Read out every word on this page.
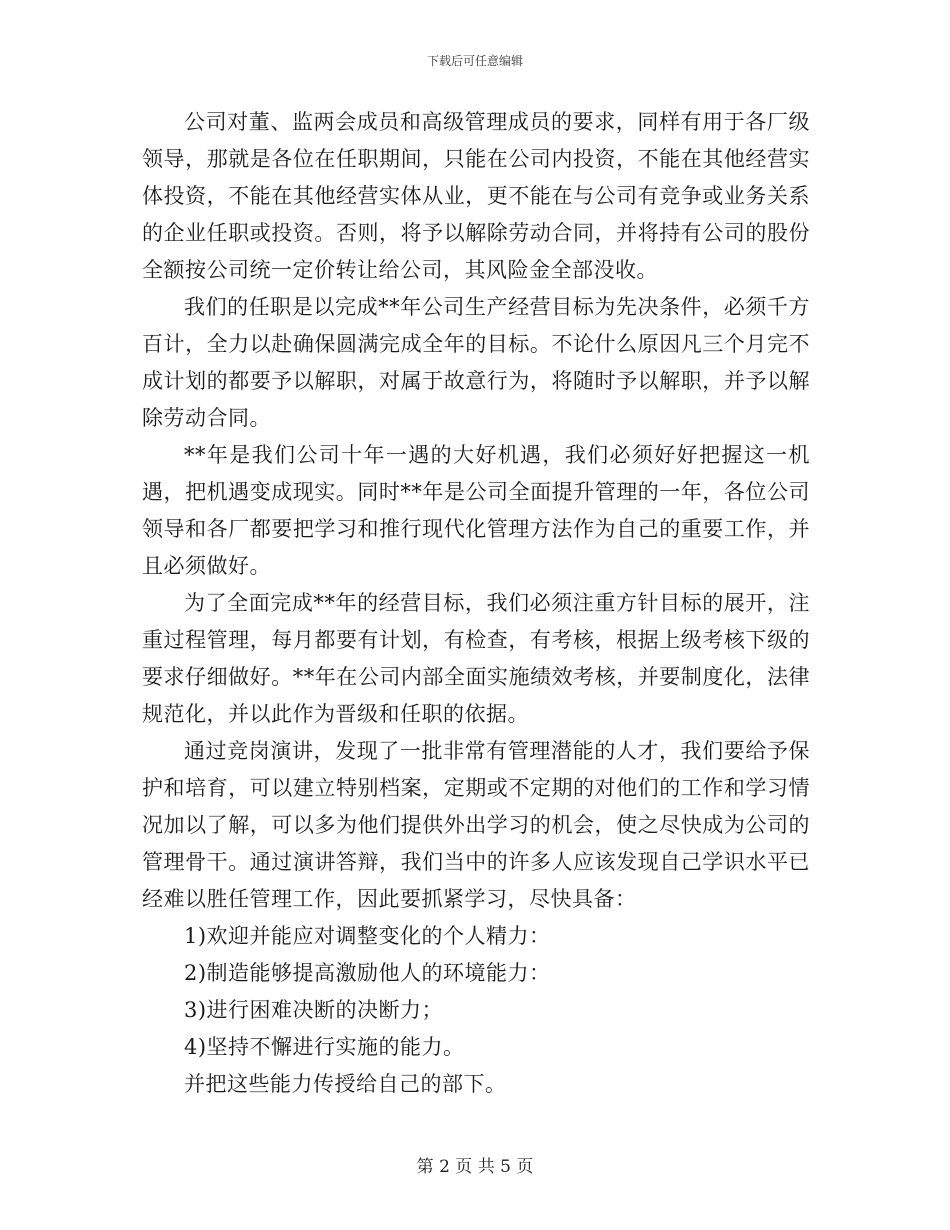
下载后可任意编辑

公司对董、监两会成员和高级管理成员的要求，同样有用于各厂级领导，那就是各位在任职期间，只能在公司内投资，不能在其他经营实体投资，不能在其他经营实体从业，更不能在与公司有竞争或业务关系的企业任职或投资。否则，将予以解除劳动合同，并将持有公司的股份全额按公司统一定价转让给公司，其风险金全部没收。

我们的任职是以完成**年公司生产经营目标为先决条件，必须千方百计，全力以赴确保圆满完成全年的目标。不论什么原因凡三个月完不成计划的都要予以解职，对属于故意行为，将随时予以解职，并予以解除劳动合同。

**年是我们公司十年一遇的大好机遇，我们必须好好把握这一机遇，把机遇变成现实。同时**年是公司全面提升管理的一年，各位公司领导和各厂都要把学习和推行现代化管理方法作为自己的重要工作，并且必须做好。

为了全面完成**年的经营目标，我们必须注重方针目标的展开，注重过程管理，每月都要有计划，有检查，有考核，根据上级考核下级的要求仔细做好。**年在公司内部全面实施绩效考核，并要制度化，法律规范化，并以此作为晋级和任职的依据。

通过竞岗演讲，发现了一批非常有管理潜能的人才，我们要给予保护和培育，可以建立特别档案，定期或不定期的对他们的工作和学习情况加以了解，可以多为他们提供外出学习的机会，使之尽快成为公司的管理骨干。通过演讲答辩，我们当中的许多人应该发现自己学识水平已经难以胜任管理工作，因此要抓紧学习，尽快具备：

1)欢迎并能应对调整变化的个人精力：

2)制造能够提高激励他人的环境能力：

3)进行困难决断的决断力；

4)坚持不懈进行实施的能力。

并把这些能力传授给自己的部下。

第 2 页 共 5 页
